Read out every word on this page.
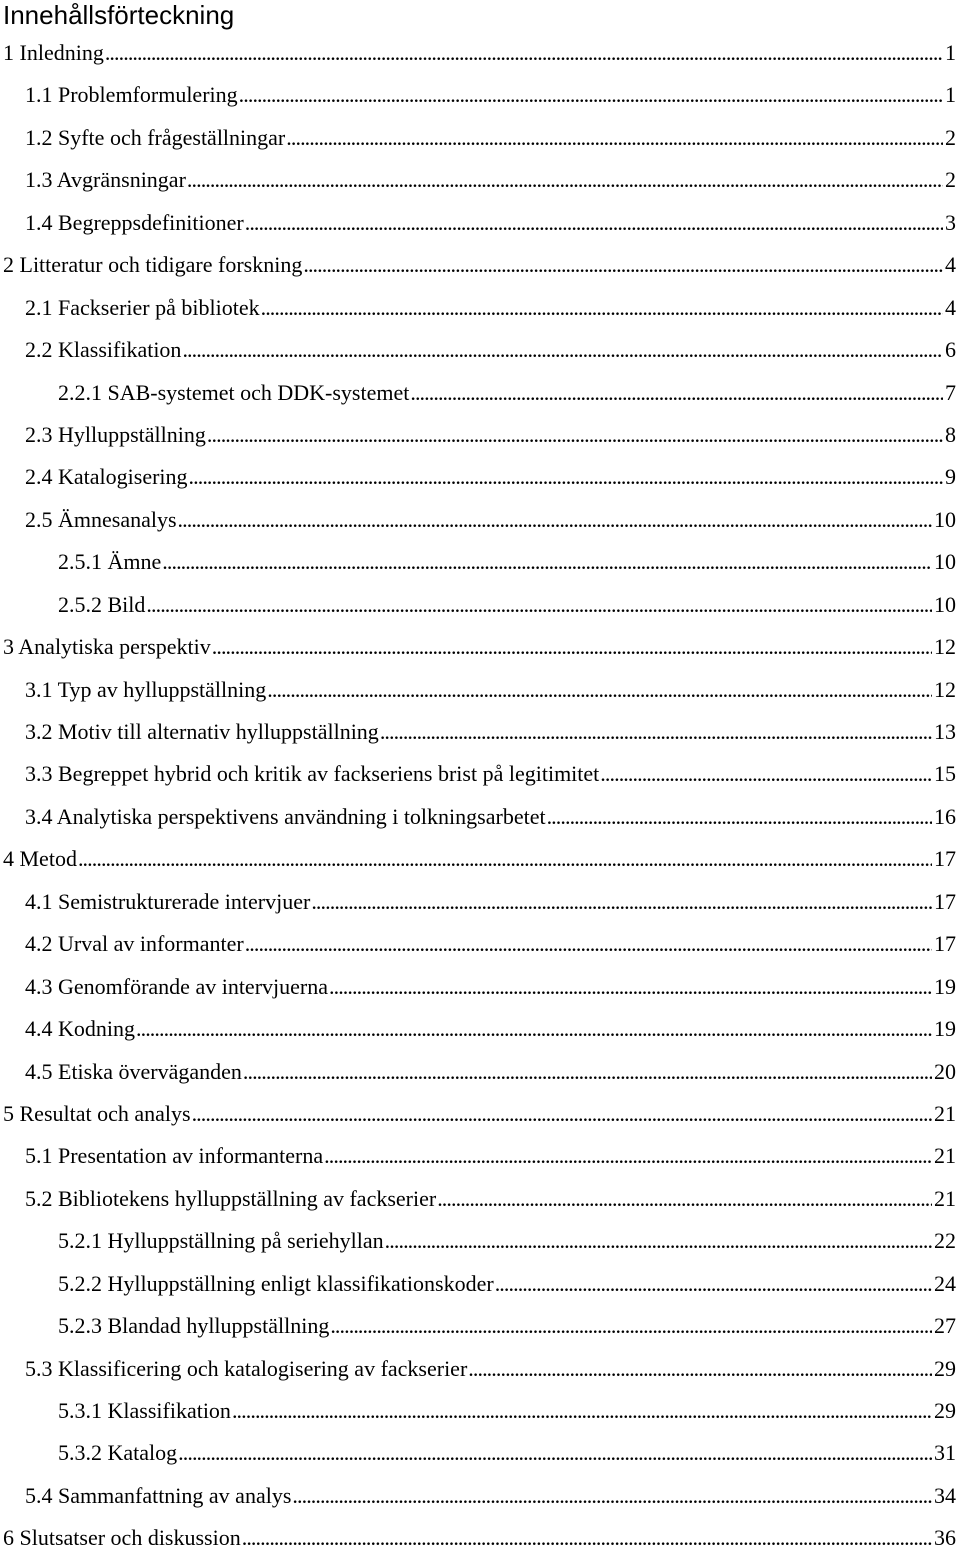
Innehållsförteckning
1 Inledning . . .	1
1.1 Problemformulering . . .	1
1.2 Syfte och frågeställningar . . .	2
1.3 Avgränsningar . . .	2
1.4 Begreppsdefinitioner . . .	3
2 Litteratur och tidigare forskning . . .	4
2.1 Fackserier på bibliotek . . .	4
2.2 Klassifikation . . .	6
2.2.1 SAB-systemet och DDK-systemet . . .	7
2.3 Hylluppställning . . .	8
2.4 Katalogisering . . .	9
2.5 Ämnesanalys . . .	10
2.5.1 Ämne . . .	10
2.5.2 Bild . . .	10
3 Analytiska perspektiv . . .	12
3.1 Typ av hylluppställning . . .	12
3.2 Motiv till alternativ hylluppställning . . .	13
3.3 Begreppet hybrid och kritik av fackseriens brist på legitimitet . . .	15
3.4 Analytiska perspektivens användning i tolkningsarbetet . . .	16
4 Metod . . .	17
4.1 Semistrukturerade intervjuer . . .	17
4.2 Urval av informanter . . .	17
4.3 Genomförande av intervjuerna . . .	19
4.4 Kodning . . .	19
4.5 Etiska överväganden . . .	20
5 Resultat och analys . . .	21
5.1 Presentation av informanterna . . .	21
5.2 Bibliotekens hylluppställning av fackserier . . .	21
5.2.1 Hylluppställning på seriehyllan . . .	22
5.2.2 Hylluppställning enligt klassifikationskoder . . .	24
5.2.3 Blandad hylluppställning . . .	27
5.3 Klassificering och katalogisering av fackserier . . .	29
5.3.1 Klassifikation . . .	29
5.3.2 Katalog . . .	31
5.4 Sammanfattning av analys . . .	34
6 Slutsatser och diskussion . . .	36
